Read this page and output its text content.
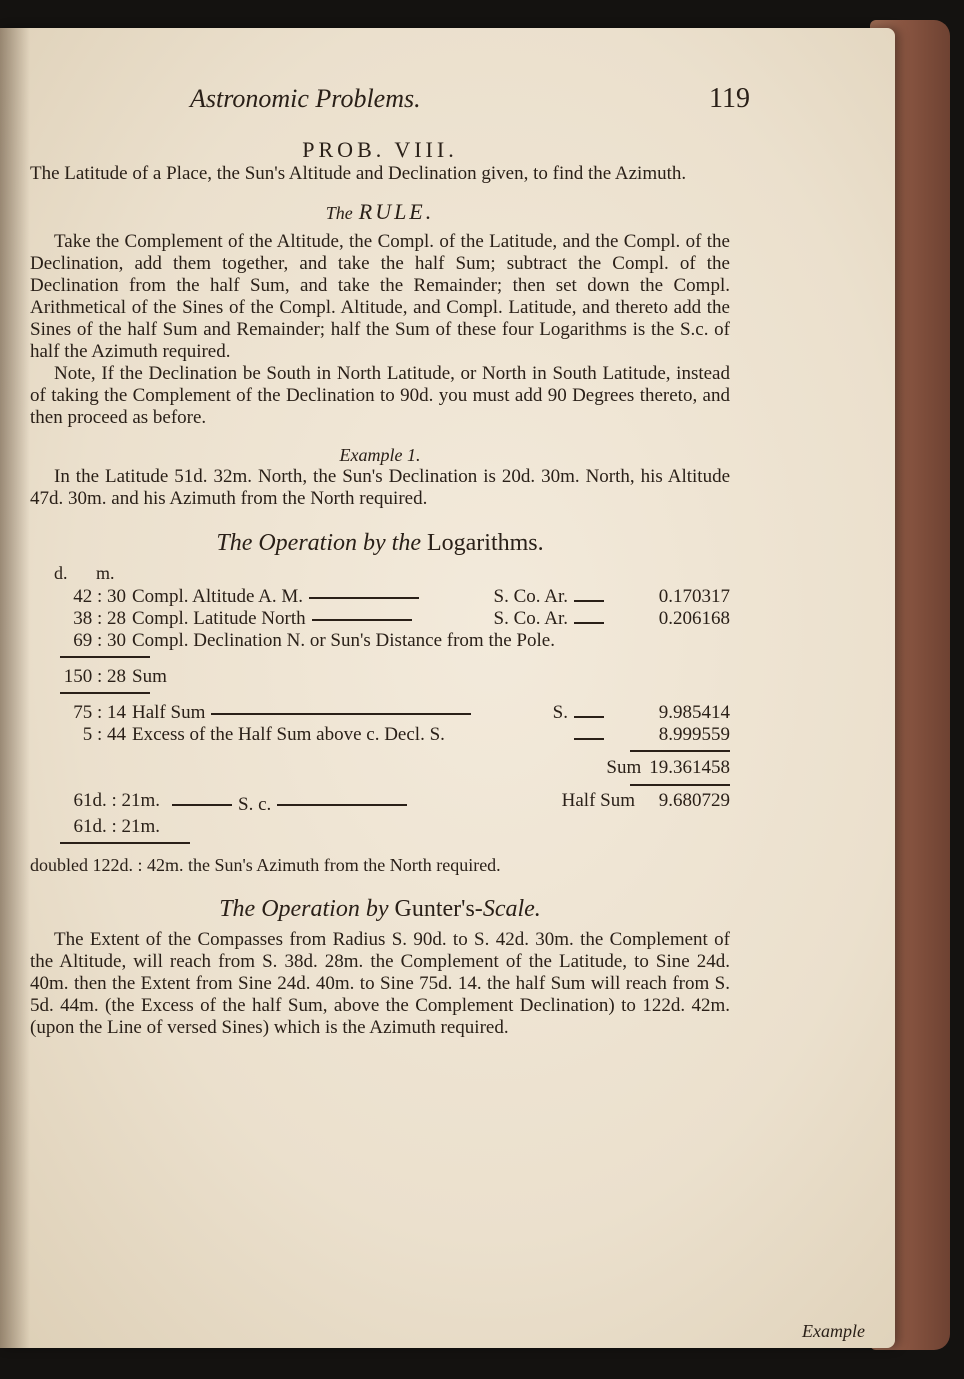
Astronomic Problems.	119
PROB. VIII.

The Latitude of a Place, the Sun's Altitude and Declination given, to find the Azimuth.

The RULE.

Take the Complement of the Altitude, the Compl. of the Latitude, and the Compl. of the Declination, add them together, and take the half Sum; subtract the Compl. of the Declination from the half Sum, and take the Remainder; then set down the Compl. Arithmetical of the Sines of the Compl. Altitude, and Compl. Latitude, and thereto add the Sines of the half Sum and Remainder; half the Sum of these four Logarithms is the S.c. of half the Azimuth required.

Note, If the Declination be South in North Latitude, or North in South Latitude, instead of taking the Complement of the Declination to 90d. you must add 90 Degrees thereto, and then proceed as before.

Example 1.

In the Latitude 51d. 32m. North, the Sun's Declination is 20d. 30m. North, his Altitude 47d. 30m. and his Azimuth from the North required.

The Operation by the Logarithms.
d. m.
42 : 30 Compl. Altitude A. M.	S. Co. Ar.	0.170317
38 : 28 Compl. Latitude North	S. Co. Ar.	0.206168
69 : 30 Compl. Declination N. or Sun's Distance from the Pole.
150 : 28 Sum
75 : 14 Half Sum	S.	9.985414
5 : 44 Excess of the Half Sum above c. Decl. S.	8.999559
Sum 19.361458
61d. : 21m.	S. c.	Half Sum	9.680729
61d. : 21m.

doubled 122d. : 42m. the Sun's Azimuth from the North required.

The Operation by Gunter's-Scale.

The Extent of the Compasses from Radius S. 90d. to S. 42d. 30m. the Complement of the Altitude, will reach from S. 38d. 28m. the Complement of the Latitude, to Sine 24d. 40m. then the Extent from Sine 24d. 40m. to Sine 75d. 14. the half Sum will reach from S. 5d. 44m. (the Excess of the half Sum, above the Complement Declination) to 122d. 42m. (upon the Line of versed Sines) which is the Azimuth required.

Example
